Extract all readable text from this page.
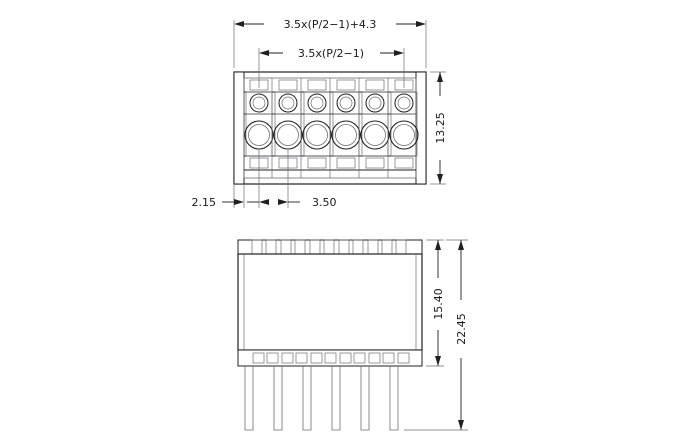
3.5x(P/2−1)+4.3
3.5x(P/2−1)
13.25
2.15	3.50
15.40
22.45
